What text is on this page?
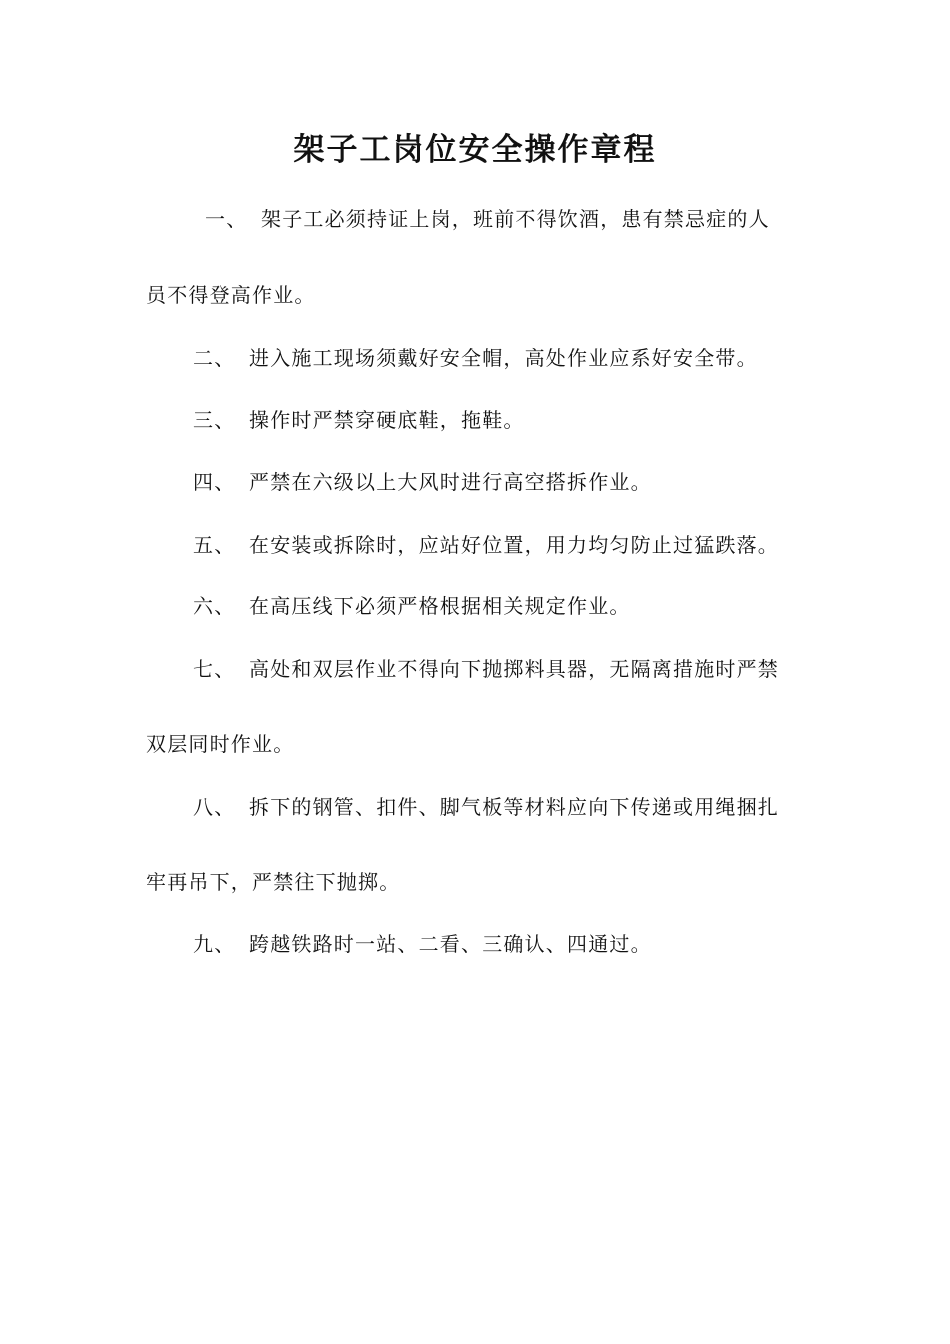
架子工岗位安全操作章程
一、 架子工必须持证上岗，班前不得饮酒，患有禁忌症的人
员不得登高作业。
二、 进入施工现场须戴好安全帽，高处作业应系好安全带。
三、 操作时严禁穿硬底鞋，拖鞋。
四、 严禁在六级以上大风时进行高空搭拆作业。
五、 在安装或拆除时，应站好位置，用力均匀防止过猛跌落。
六、 在高压线下必须严格根据相关规定作业。
七、 高处和双层作业不得向下抛掷料具器，无隔离措施时严禁
双层同时作业。
八、 拆下的钢管、扣件、脚气板等材料应向下传递或用绳捆扎
牢再吊下，严禁往下抛掷。
九、 跨越铁路时一站、二看、三确认、四通过。
